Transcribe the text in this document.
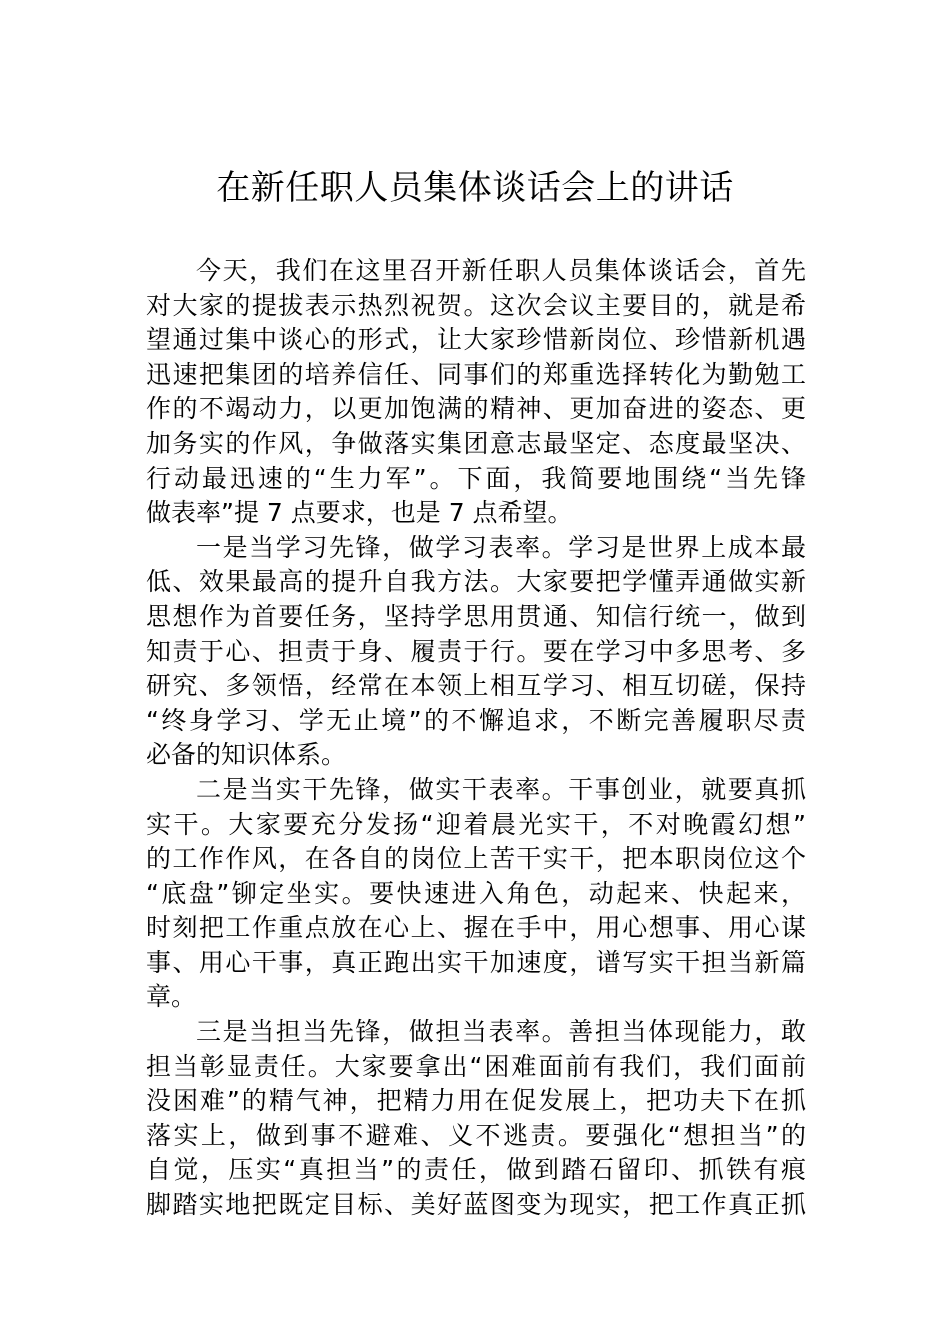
在新任职人员集体谈话会上的讲话
今天，我们在这里召开新任职人员集体谈话会，首先
对大家的提拔表示热烈祝贺。这次会议主要目的，就是希
望通过集中谈心的形式，让大家珍惜新岗位、珍惜新机遇
迅速把集团的培养信任、同事们的郑重选择转化为勤勉工
作的不竭动力，以更加饱满的精神、更加奋进的姿态、更
加务实的作风，争做落实集团意志最坚定、态度最坚决、
行动最迅速的“生力军”。下面，我简要地围绕“当先锋
做表率”提 7 点要求，也是 7 点希望。
一是当学习先锋，做学习表率。学习是世界上成本最
低、效果最高的提升自我方法。大家要把学懂弄通做实新
思想作为首要任务，坚持学思用贯通、知信行统一，做到
知责于心、担责于身、履责于行。要在学习中多思考、多
研究、多领悟，经常在本领上相互学习、相互切磋，保持
“终身学习、学无止境”的不懈追求，不断完善履职尽责
必备的知识体系。
二是当实干先锋，做实干表率。干事创业，就要真抓
实干。大家要充分发扬“迎着晨光实干，不对晚霞幻想”
的工作作风，在各自的岗位上苦干实干，把本职岗位这个
“底盘”铆定坐实。要快速进入角色，动起来、快起来，
时刻把工作重点放在心上、握在手中，用心想事、用心谋
事、用心干事，真正跑出实干加速度，谱写实干担当新篇
章。
三是当担当先锋，做担当表率。善担当体现能力，敢
担当彰显责任。大家要拿出“困难面前有我们，我们面前
没困难”的精气神，把精力用在促发展上，把功夫下在抓
落实上，做到事不避难、义不逃责。要强化“想担当”的
自觉，压实“真担当”的责任，做到踏石留印、抓铁有痕
脚踏实地把既定目标、美好蓝图变为现实，把工作真正抓
